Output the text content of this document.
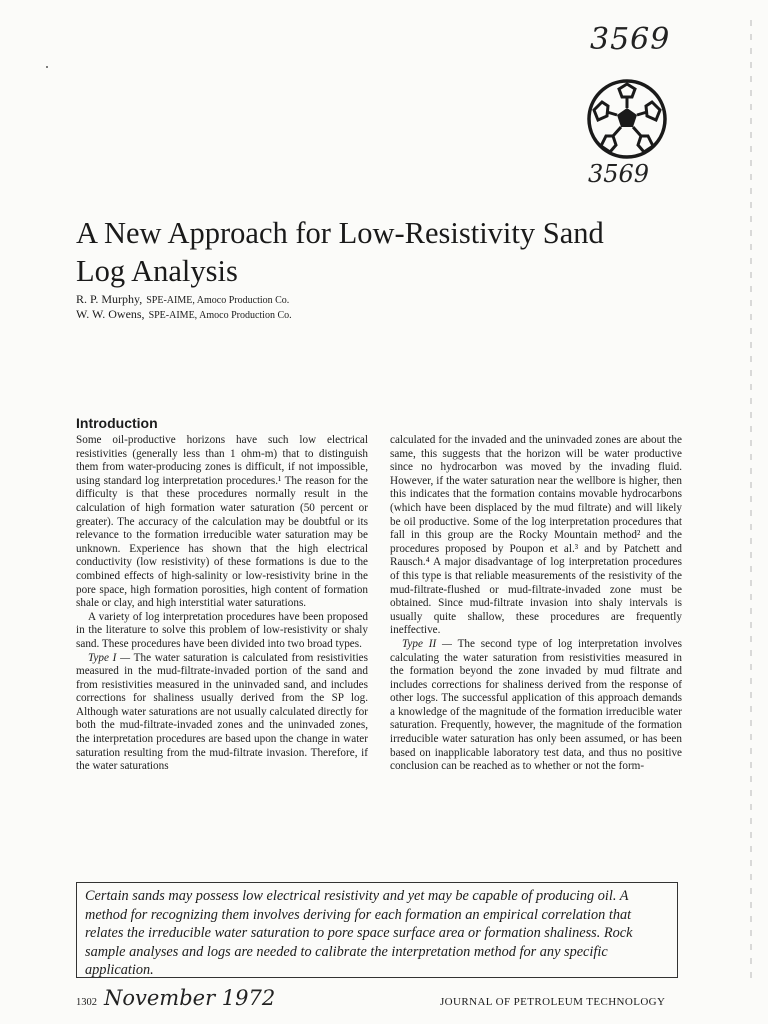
3569
3569
A New Approach for Low-Resistivity Sand Log Analysis
R. P. Murphy, SPE-AIME, Amoco Production Co.
W. W. Owens, SPE-AIME, Amoco Production Co.
Introduction

Some oil-productive horizons have such low electrical resistivities (generally less than 1 ohm-m) that to distinguish them from water-producing zones is difficult, if not impossible, using standard log interpretation procedures.¹ The reason for the difficulty is that these procedures normally result in the calculation of high formation water saturation (50 percent or greater). The accuracy of the calculation may be doubtful or its relevance to the formation irreducible water saturation may be unknown. Experience has shown that the high electrical conductivity (low resistivity) of these formations is due to the combined effects of high-salinity or low-resistivity brine in the pore space, high formation porosities, high content of formation shale or clay, and high interstitial water saturations.

A variety of log interpretation procedures have been proposed in the literature to solve this problem of low-resistivity or shaly sand. These procedures have been divided into two broad types.

Type I — The water saturation is calculated from resistivities measured in the mud-filtrate-invaded portion of the sand and from resistivities measured in the uninvaded sand, and includes corrections for shaliness usually derived from the SP log. Although water saturations are not usually calculated directly for both the mud-filtrate-invaded zones and the uninvaded zones, the interpretation procedures are based upon the change in water saturation resulting from the mud-filtrate invasion. Therefore, if the water saturations

calculated for the invaded and the uninvaded zones are about the same, this suggests that the horizon will be water productive since no hydrocarbon was moved by the invading fluid. However, if the water saturation near the wellbore is higher, then this indicates that the formation contains movable hydrocarbons (which have been displaced by the mud filtrate) and will likely be oil productive. Some of the log interpretation procedures that fall in this group are the Rocky Mountain method² and the procedures proposed by Poupon et al.³ and by Patchett and Rausch.⁴ A major disadvantage of log interpretation procedures of this type is that reliable measurements of the resistivity of the mud-filtrate-flushed or mud-filtrate-invaded zone must be obtained. Since mud-filtrate invasion into shaly intervals is usually quite shallow, these procedures are frequently ineffective.

Type II — The second type of log interpretation involves calculating the water saturation from resistivities measured in the formation beyond the zone invaded by mud filtrate and includes corrections for shaliness derived from the response of other logs. The successful application of this approach demands a knowledge of the magnitude of the formation irreducible water saturation. Frequently, however, the magnitude of the formation irreducible water saturation has only been assumed, or has been based on inapplicable laboratory test data, and thus no positive conclusion can be reached as to whether or not the form-

Certain sands may possess low electrical resistivity and yet may be capable of producing oil. A method for recognizing them involves deriving for each formation an empirical correlation that relates the irreducible water saturation to pore space surface area or formation shaliness. Rock sample analyses and logs are needed to calibrate the interpretation method for any specific application.
1302 November 1972	JOURNAL OF PETROLEUM TECHNOLOGY
